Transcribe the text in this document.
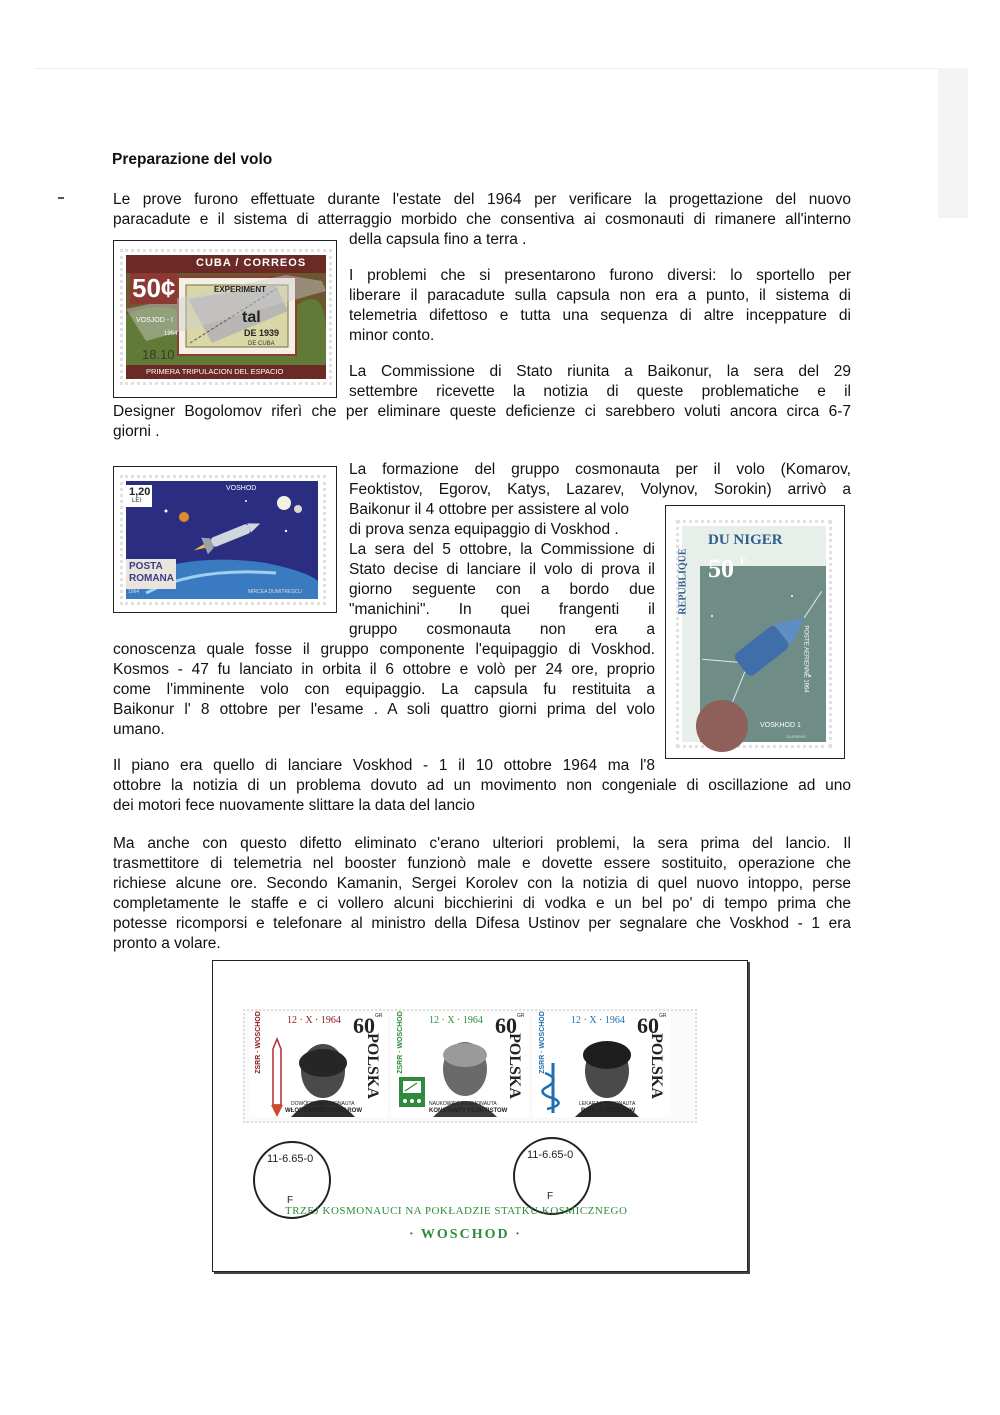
Preparazione del volo

Le prove furono effettuate durante l'estate del 1964 per verificare la progettazione del nuovo

paracadute e il sistema di atterraggio morbido che consentiva ai cosmonauti di rimanere all'interno

della capsula fino a terra .

I problemi che si presentarono furono diversi: lo sportello per

liberare il paracadute sulla capsula non era a punto, il sistema di

telemetria difettoso e tutta una sequenza di altre inceppature di

minor conto.

La Commissione di Stato riunita a Baikonur, la sera del 29

settembre ricevette la notizia di queste problematiche e il

Designer Bogolomov riferì che per eliminare queste deficienze ci sarebbero voluti ancora circa 6-7

giorni .

La formazione del gruppo cosmonauta per il volo (Komarov,

Feoktistov, Egorov, Katys, Lazarev, Volynov, Sorokin) arrivò a

Baikonur il 4 ottobre per assistere al volo

di prova senza equipaggio di Voskhod .

La sera del 5 ottobre, la Commissione di

Stato decise di lanciare il volo di prova il

giorno seguente con a bordo due

"manichini". In quei frangenti il

gruppo cosmonauta non era a

conoscenza quale fosse il gruppo componente l'equipaggio di Voskhod.

Kosmos - 47 fu lanciato in orbita il 6 ottobre e volò per 24 ore, proprio

come l'imminente volo con equipaggio. La capsula fu restituita a

Baikonur l' 8 ottobre per l'esame . A soli quattro giorni prima del volo

umano.

Il piano era quello di lanciare Voskhod - 1 il 10 ottobre 1964 ma l'8

ottobre la notizia di un problema dovuto ad un movimento non congeniale di oscillazione ad uno

dei motori fece nuovamente slittare la data del lancio

Ma anche con questo difetto eliminato c'erano ulteriori problemi, la sera prima del lancio. Il

trasmettitore di telemetria nel booster funzionò male e dovette essere sostituito, operazione che

richiese alcune ore. Secondo Kamanin, Sergei Korolev con la notizia di quel nuovo intoppo, perse

completamente le staffe e ci vollero alcuni bicchierini di vodka e un bel po' di tempo prima che

potesse ricomporsi e telefonare al ministro della Difesa Ustinov per segnalare che Voskhod - 1 era

pronto a volare.

50¢

CUBA / CORREOS

VOSJOD - I

1964

EXPERIMENT

tal

DE 1939

DE CUBA

18.10

PRIMERA TRIPULACION DEL ESPACIO

1,20

LEI

VOSHOD

POSTA

ROMANA

1964	MIRCEA DUMITRESCU

DU NIGER

REPUBLIQUE 50 F

POSTE AERIENNE 1964

VOSKHOD 1

DURRENS

12 · X · 1964 60 GR

POLSKA

ZSRR · WOSCHOD

DOWÓDCA-KOSMONAUTA

WŁODZIMIERZ KOMAROW

12 · X · 1964 60 GR

POLSKA

ZSRR · WOSCHOD

NAUKOWIEC-KOSMONAUTA

KONSTANTY FEOKTISTOW

12 · X · 1964 60 GR

POLSKA

ZSRR · WOSCHOD

LEKARZ-KOSMONAUTA

BORYS JEGOROW

11-6.65-0

F

11-6.65-0

F

TRZEJ KOSMONAUCI NA POKŁADZIE STATKU KOSMICZNEGO

· WOSCHOD ·
